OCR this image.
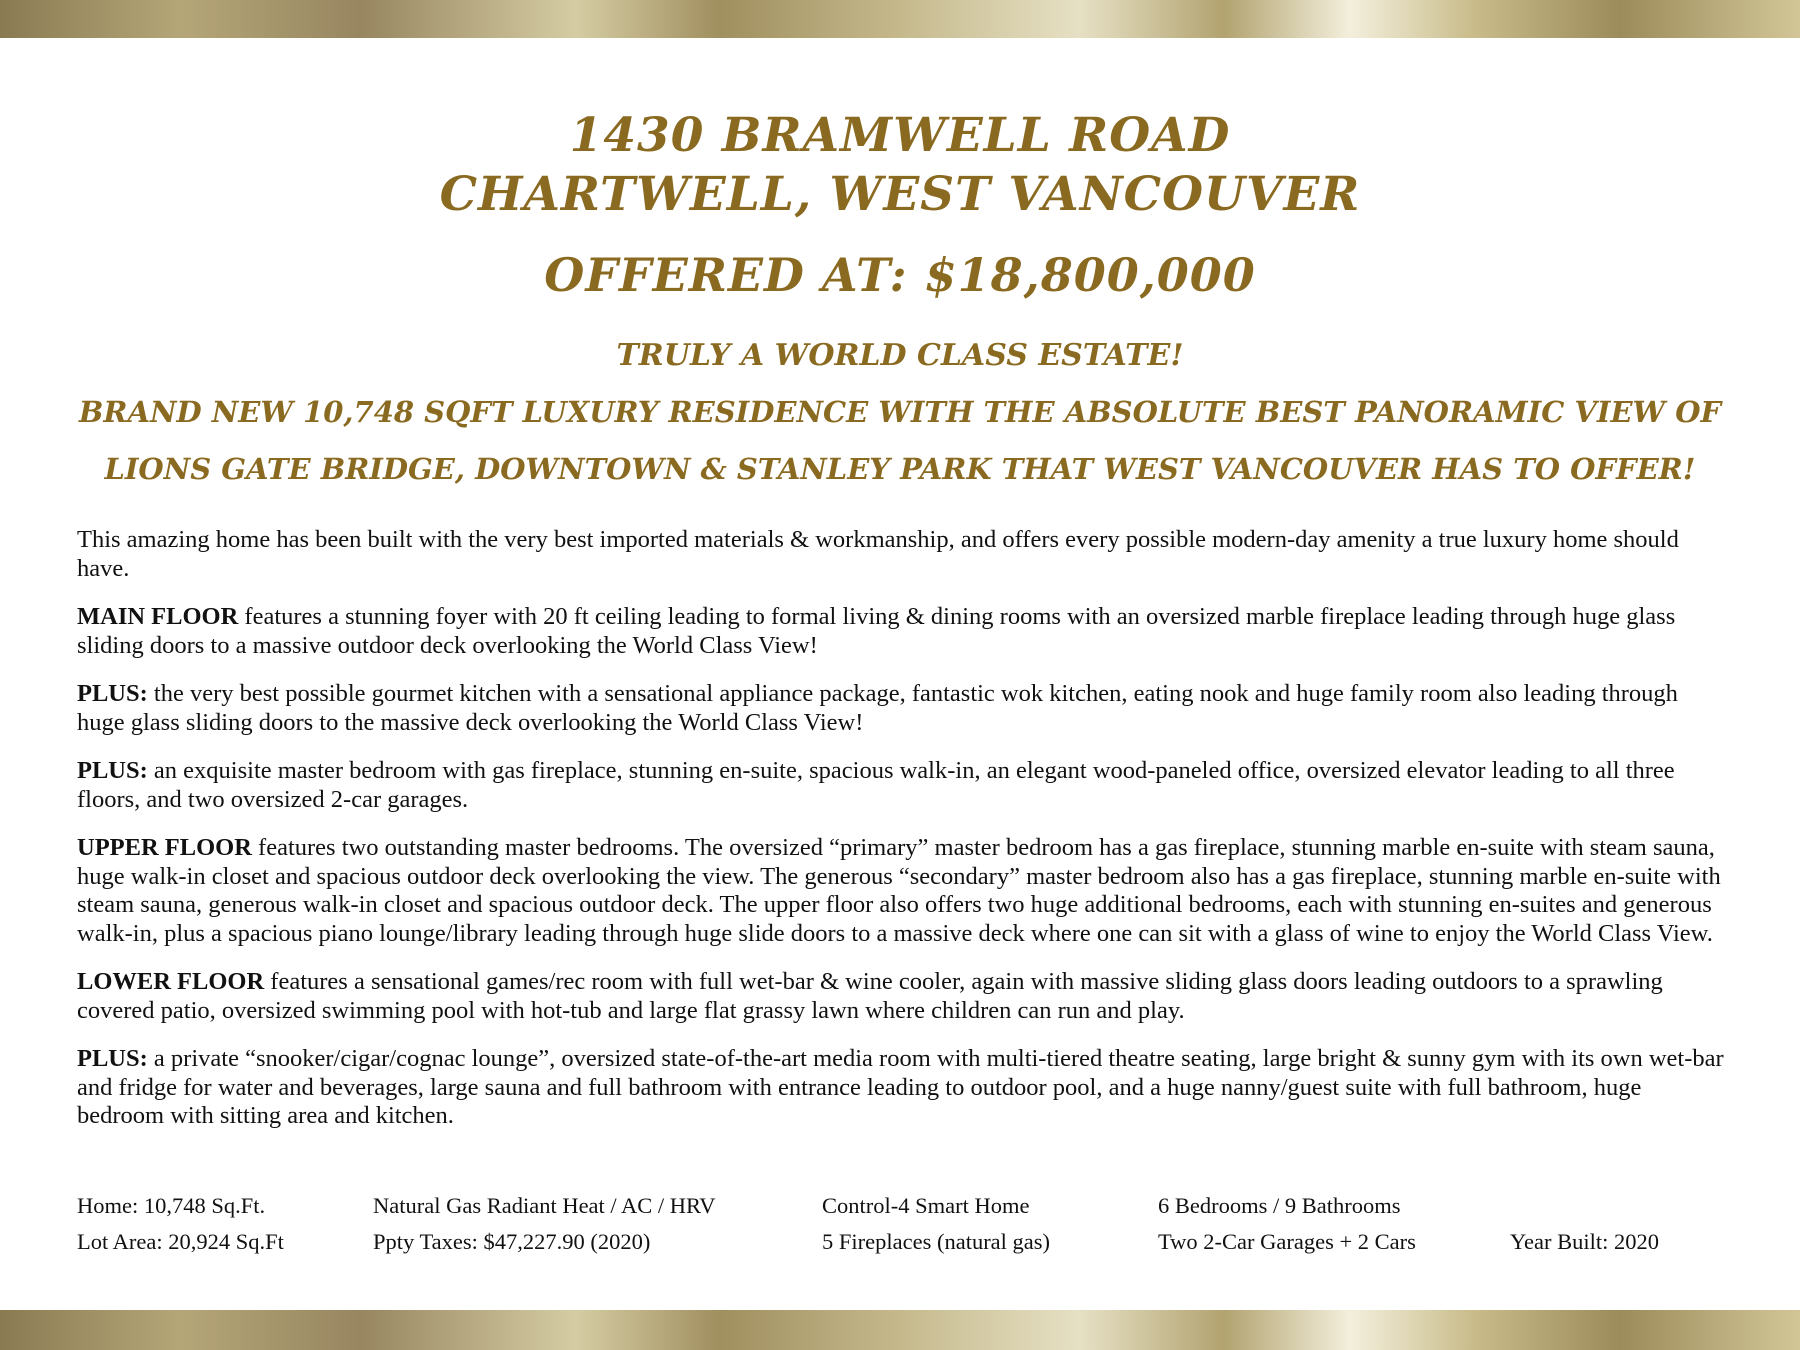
1430 BRAMWELL ROAD
CHARTWELL, WEST VANCOUVER
OFFERED AT: $18,800,000
TRULY A WORLD CLASS ESTATE!
BRAND NEW 10,748 SQFT LUXURY RESIDENCE WITH THE ABSOLUTE BEST PANORAMIC VIEW OF
LIONS GATE BRIDGE, DOWNTOWN & STANLEY PARK THAT WEST VANCOUVER HAS TO OFFER!

This amazing home has been built with the very best imported materials & workmanship, and offers every possible modern-day amenity a true luxury home should have.

MAIN FLOOR features a stunning foyer with 20 ft ceiling leading to formal living & dining rooms with an oversized marble fireplace leading through huge glass sliding doors to a massive outdoor deck overlooking the World Class View!

PLUS: the very best possible gourmet kitchen with a sensational appliance package, fantastic wok kitchen, eating nook and huge family room also leading through huge glass sliding doors to the massive deck overlooking the World Class View!

PLUS: an exquisite master bedroom with gas fireplace, stunning en-suite, spacious walk-in, an elegant wood-paneled office, oversized elevator leading to all three floors, and two oversized 2-car garages.

UPPER FLOOR features two outstanding master bedrooms. The oversized “primary” master bedroom has a gas fireplace, stunning marble en-suite with steam sauna, huge walk-in closet and spacious outdoor deck overlooking the view. The generous “secondary” master bedroom also has a gas fireplace, stunning marble en-suite with steam sauna, generous walk-in closet and spacious outdoor deck. The upper floor also offers two huge additional bedrooms, each with stunning en-suites and generous walk-in, plus a spacious piano lounge/library leading through huge slide doors to a massive deck where one can sit with a glass of wine to enjoy the World Class View.

LOWER FLOOR features a sensational games/rec room with full wet-bar & wine cooler, again with massive sliding glass doors leading outdoors to a sprawling covered patio, oversized swimming pool with hot-tub and large flat grassy lawn where children can run and play.

PLUS: a private “snooker/cigar/cognac lounge”, oversized state-of-the-art media room with multi-tiered theatre seating, large bright & sunny gym with its own wet-bar and fridge for water and beverages, large sauna and full bathroom with entrance leading to outdoor pool, and a huge nanny/guest suite with full bathroom, huge bedroom with sitting area and kitchen.

Home: 10,748 Sq.Ft.
Lot Area: 20,924 Sq.Ft
Natural Gas Radiant Heat / AC / HRV
Ppty Taxes: $47,227.90 (2020)
Control-4 Smart Home
5 Fireplaces (natural gas)
6 Bedrooms / 9 Bathrooms
Two 2-Car Garages + 2 Cars	Year Built: 2020
